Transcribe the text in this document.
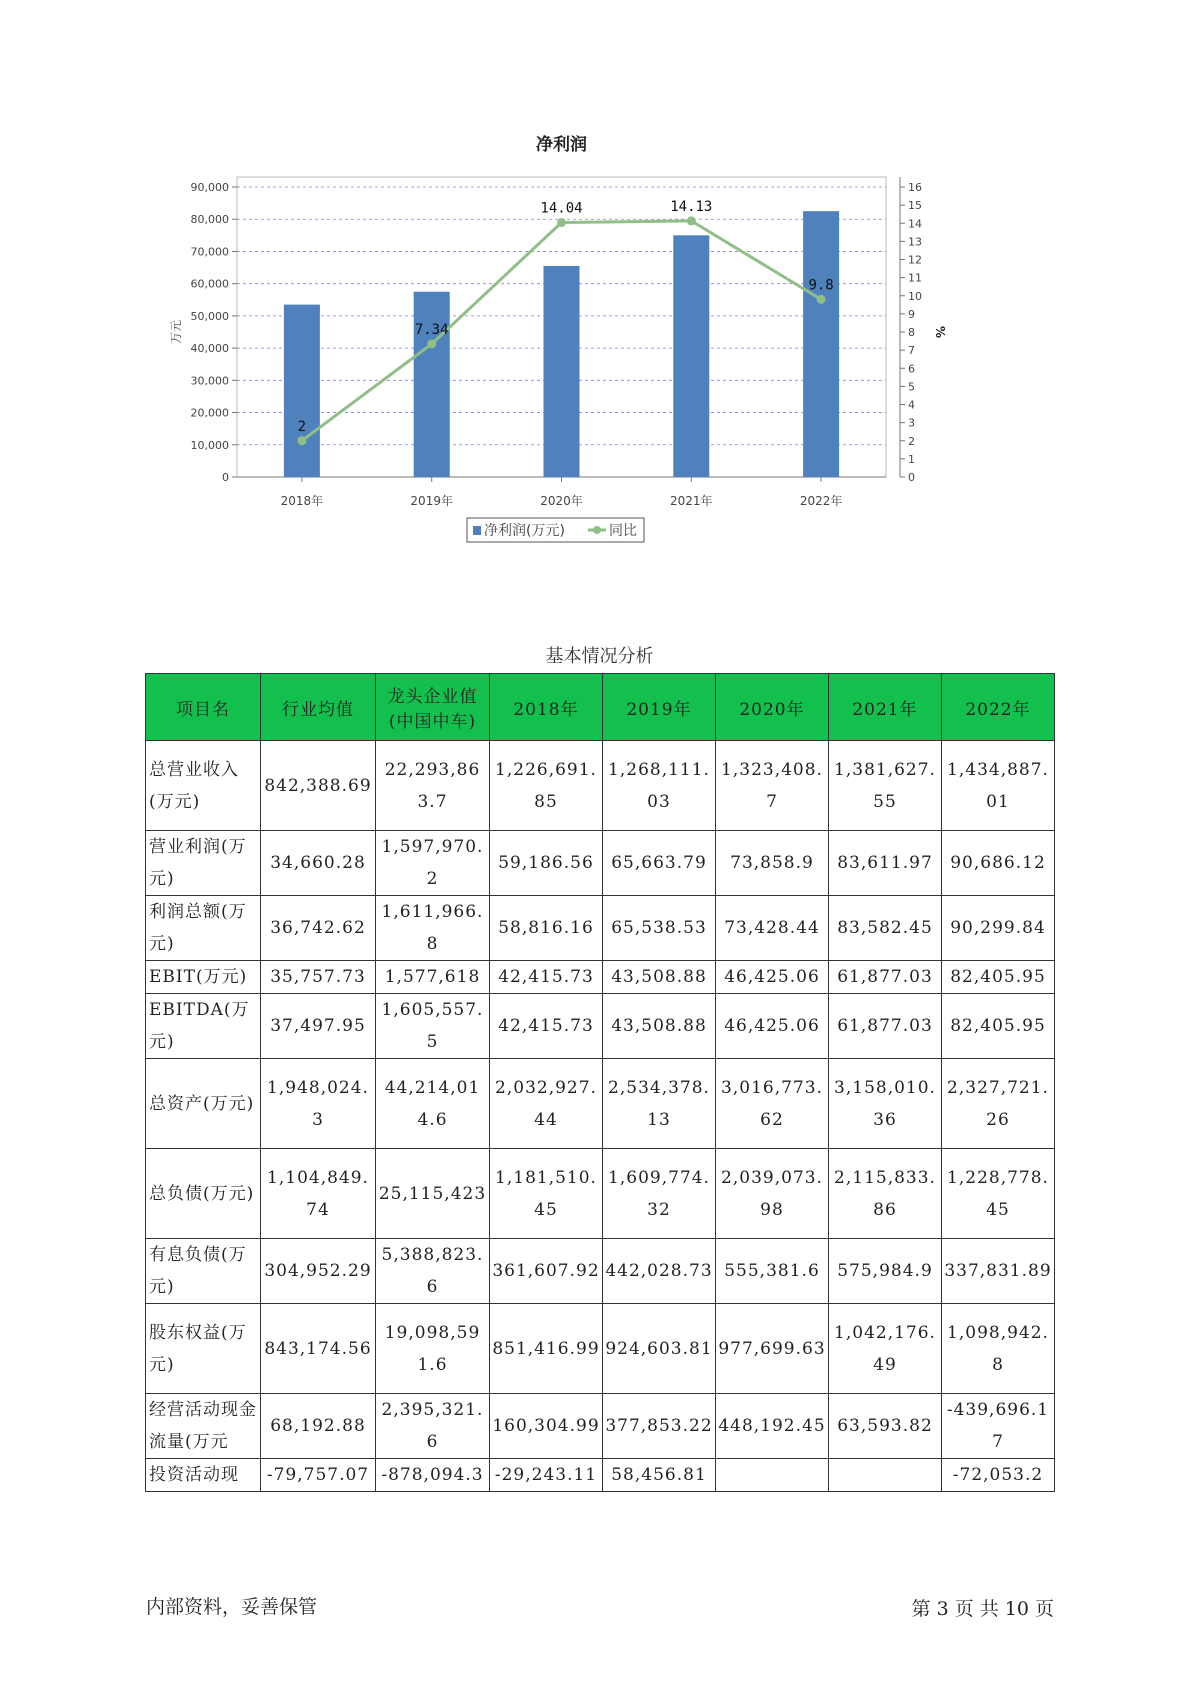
净利润
0
10,000
20,000
30,000
40,000
50,000
60,000
70,000
80,000
90,000
万元
0
1
2
3
4
5
6
7
8
9
10
11
12
13
14
15
16
%
2018年	2019年	2020年	2021年	2022年
2
7.34
14.04	14.13
9.8
净利润(万元)	同比
基本情况分析
项目名	行业均值	龙头企业值(中国中车)	2018年	2019年	2020年	2021年	2022年
总营业收入(万元)	842,388.69	22,293,863.7	1,226,691.85	1,268,111.03	1,323,408.7	1,381,627.55	1,434,887.01
营业利润(万元)	34,660.28	1,597,970.2	59,186.56	65,663.79	73,858.9	83,611.97	90,686.12
利润总额(万元)	36,742.62	1,611,966.8	58,816.16	65,538.53	73,428.44	83,582.45	90,299.84
EBIT(万元)	35,757.73	1,577,618	42,415.73	43,508.88	46,425.06	61,877.03	82,405.95
EBITDA(万元)	37,497.95	1,605,557.5	42,415.73	43,508.88	46,425.06	61,877.03	82,405.95
总资产(万元)	1,948,024.3	44,214,014.6	2,032,927.44	2,534,378.13	3,016,773.62	3,158,010.36	2,327,721.26
总负债(万元)	1,104,849.74	25,115,423	1,181,510.45	1,609,774.32	2,039,073.98	2,115,833.86	1,228,778.45
有息负债(万元)	304,952.29	5,388,823.6	361,607.92	442,028.73	555,381.6	575,984.9	337,831.89
股东权益(万元)	843,174.56	19,098,591.6	851,416.99	924,603.81	977,699.63	1,042,176.49	1,098,942.8
经营活动现金流量(万元	68,192.88	2,395,321.6	160,304.99	377,853.22	448,192.45	63,593.82	-439,696.17
投资活动现	-79,757.07	-878,094.3	-29,243.11	58,456.81			-72,053.2
内部资料，妥善保管	第 3 页 共 10 页
